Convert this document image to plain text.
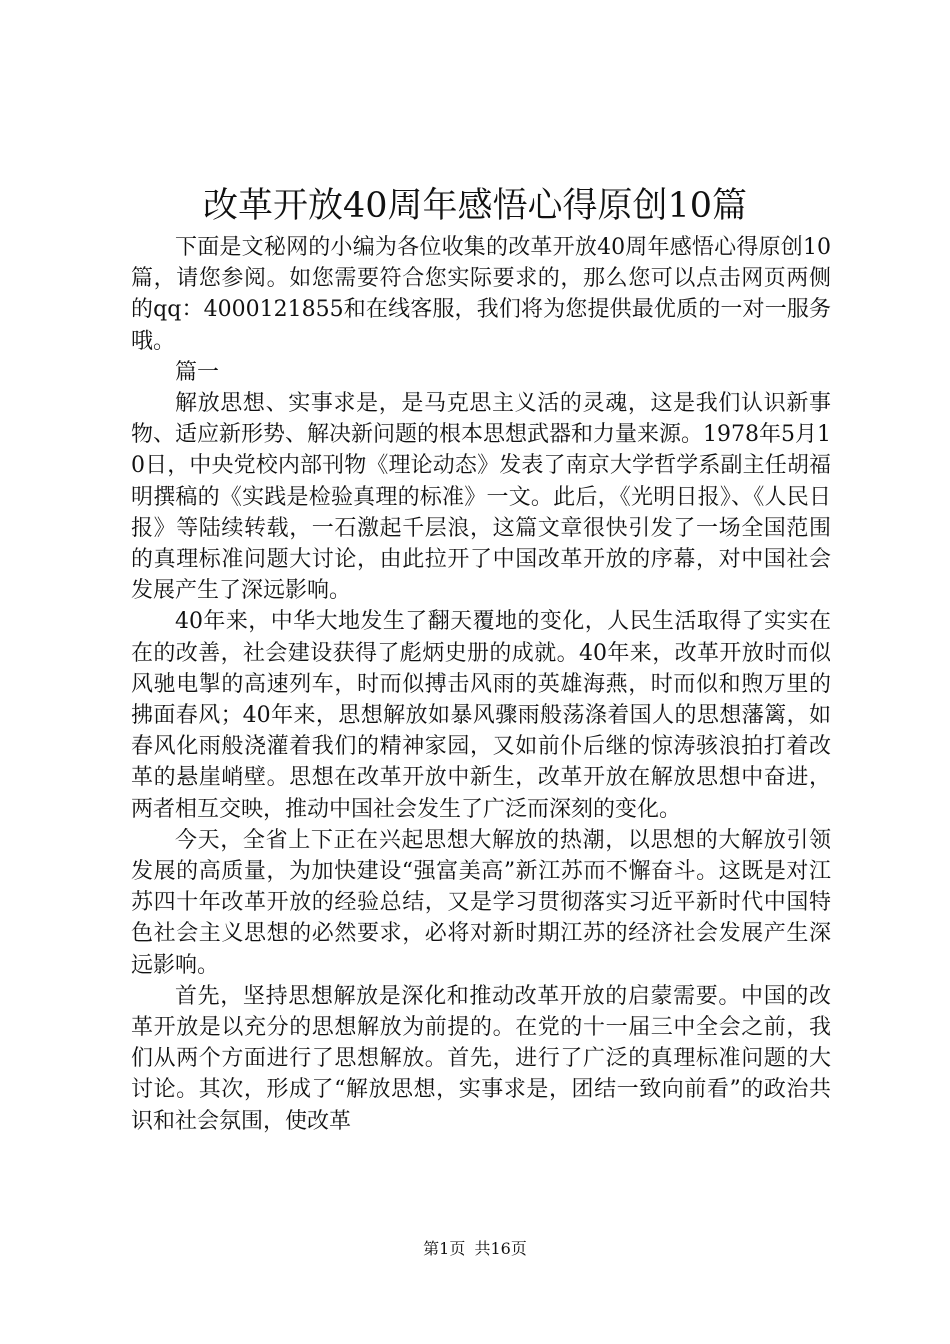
改革开放40周年感悟心得原创10篇

下面是文秘网的小编为各位收集的改革开放40周年感悟心得原创10篇，请您参阅。如您需要符合您实际要求的，那么您可以点击网页两侧的qq：4000121855和在线客服，我们将为您提供最优质的一对一服务哦。

篇一

解放思想、实事求是，是马克思主义活的灵魂，这是我们认识新事物、适应新形势、解决新问题的根本思想武器和力量来源。1978年5月10日，中央党校内部刊物《理论动态》发表了南京大学哲学系副主任胡福明撰稿的《实践是检验真理的标准》一文。此后，《光明日报》、《人民日报》等陆续转载，一石激起千层浪，这篇文章很快引发了一场全国范围的真理标准问题大讨论，由此拉开了中国改革开放的序幕，对中国社会发展产生了深远影响。

40年来，中华大地发生了翻天覆地的变化，人民生活取得了实实在在的改善，社会建设获得了彪炳史册的成就。40年来，改革开放时而似风驰电掣的高速列车，时而似搏击风雨的英雄海燕，时而似和煦万里的拂面春风；40年来，思想解放如暴风骤雨般荡涤着国人的思想藩篱，如春风化雨般浇灌着我们的精神家园，又如前仆后继的惊涛骇浪拍打着改革的悬崖峭壁。思想在改革开放中新生，改革开放在解放思想中奋进，两者相互交映，推动中国社会发生了广泛而深刻的变化。

今天，全省上下正在兴起思想大解放的热潮，以思想的大解放引领发展的高质量，为加快建设“强富美高”新江苏而不懈奋斗。这既是对江苏四十年改革开放的经验总结，又是学习贯彻落实习近平新时代中国特色社会主义思想的必然要求，必将对新时期江苏的经济社会发展产生深远影响。

首先，坚持思想解放是深化和推动改革开放的启蒙需要。中国的改革开放是以充分的思想解放为前提的。在党的十一届三中全会之前，我们从两个方面进行了思想解放。首先，进行了广泛的真理标准问题的大讨论。其次，形成了“解放思想，实事求是，团结一致向前看”的政治共识和社会氛围，使改革

第1页 共16页
